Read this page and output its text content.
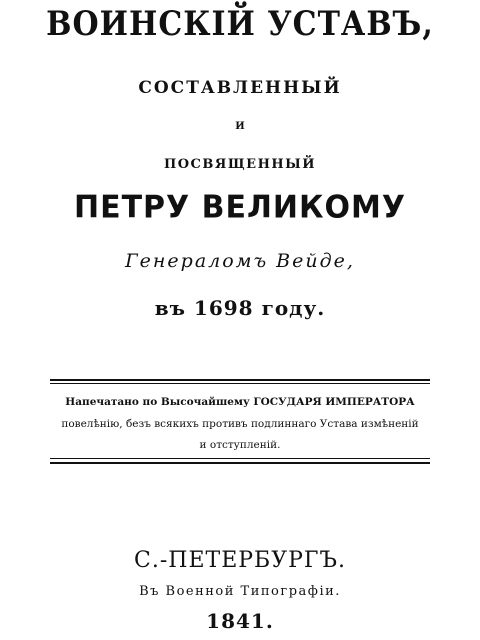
ВОИНСКIЙ УСТАВЪ,
СОСТАВЛЕННЫЙ
И
ПОСВЯЩЕННЫЙ
ПЕТРУ ВЕЛИКОМУ
Генераломъ Вейде,
въ 1698 году.
Напечатано по Высочайшему ГОСУДАРЯ ИМПЕРАТОРА
повелѣнiю, безъ всякихъ противъ подлиннаго Устава измѣненiй
и отступленiй.
С.-ПЕТЕРБУРГЪ.
Въ Военной Типографiи.
1841.
